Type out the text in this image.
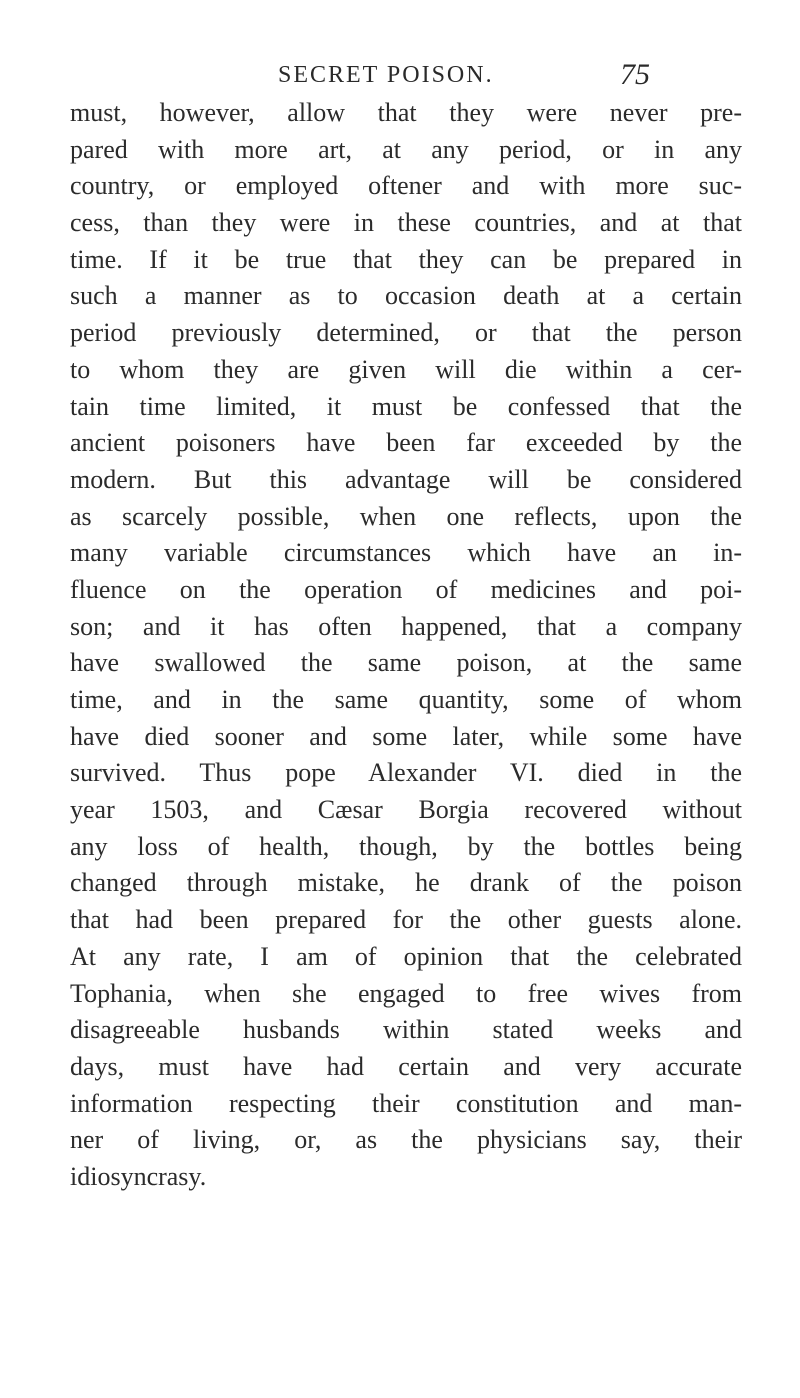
SECRET POISON.	75
must, however, allow that they were never pre-
pared with more art, at any period, or in any
country, or employed oftener and with more suc-
cess, than they were in these countries, and at that
time. If it be true that they can be prepared in
such a manner as to occasion death at a certain
period previously determined, or that the person
to whom they are given will die within a cer-
tain time limited, it must be confessed that the
ancient poisoners have been far exceeded by the
modern. But this advantage will be considered
as scarcely possible, when one reflects, upon the
many variable circumstances which have an in-
fluence on the operation of medicines and poi-
son; and it has often happened, that a company
have swallowed the same poison, at the same
time, and in the same quantity, some of whom
have died sooner and some later, while some have
survived. Thus pope Alexander VI. died in the
year 1503, and Cæsar Borgia recovered without
any loss of health, though, by the bottles being
changed through mistake, he drank of the poison
that had been prepared for the other guests alone.
At any rate, I am of opinion that the celebrated
Tophania, when she engaged to free wives from
disagreeable husbands within stated weeks and
days, must have had certain and very accurate
information respecting their constitution and man-
ner of living, or, as the physicians say, their
idiosyncrasy.
